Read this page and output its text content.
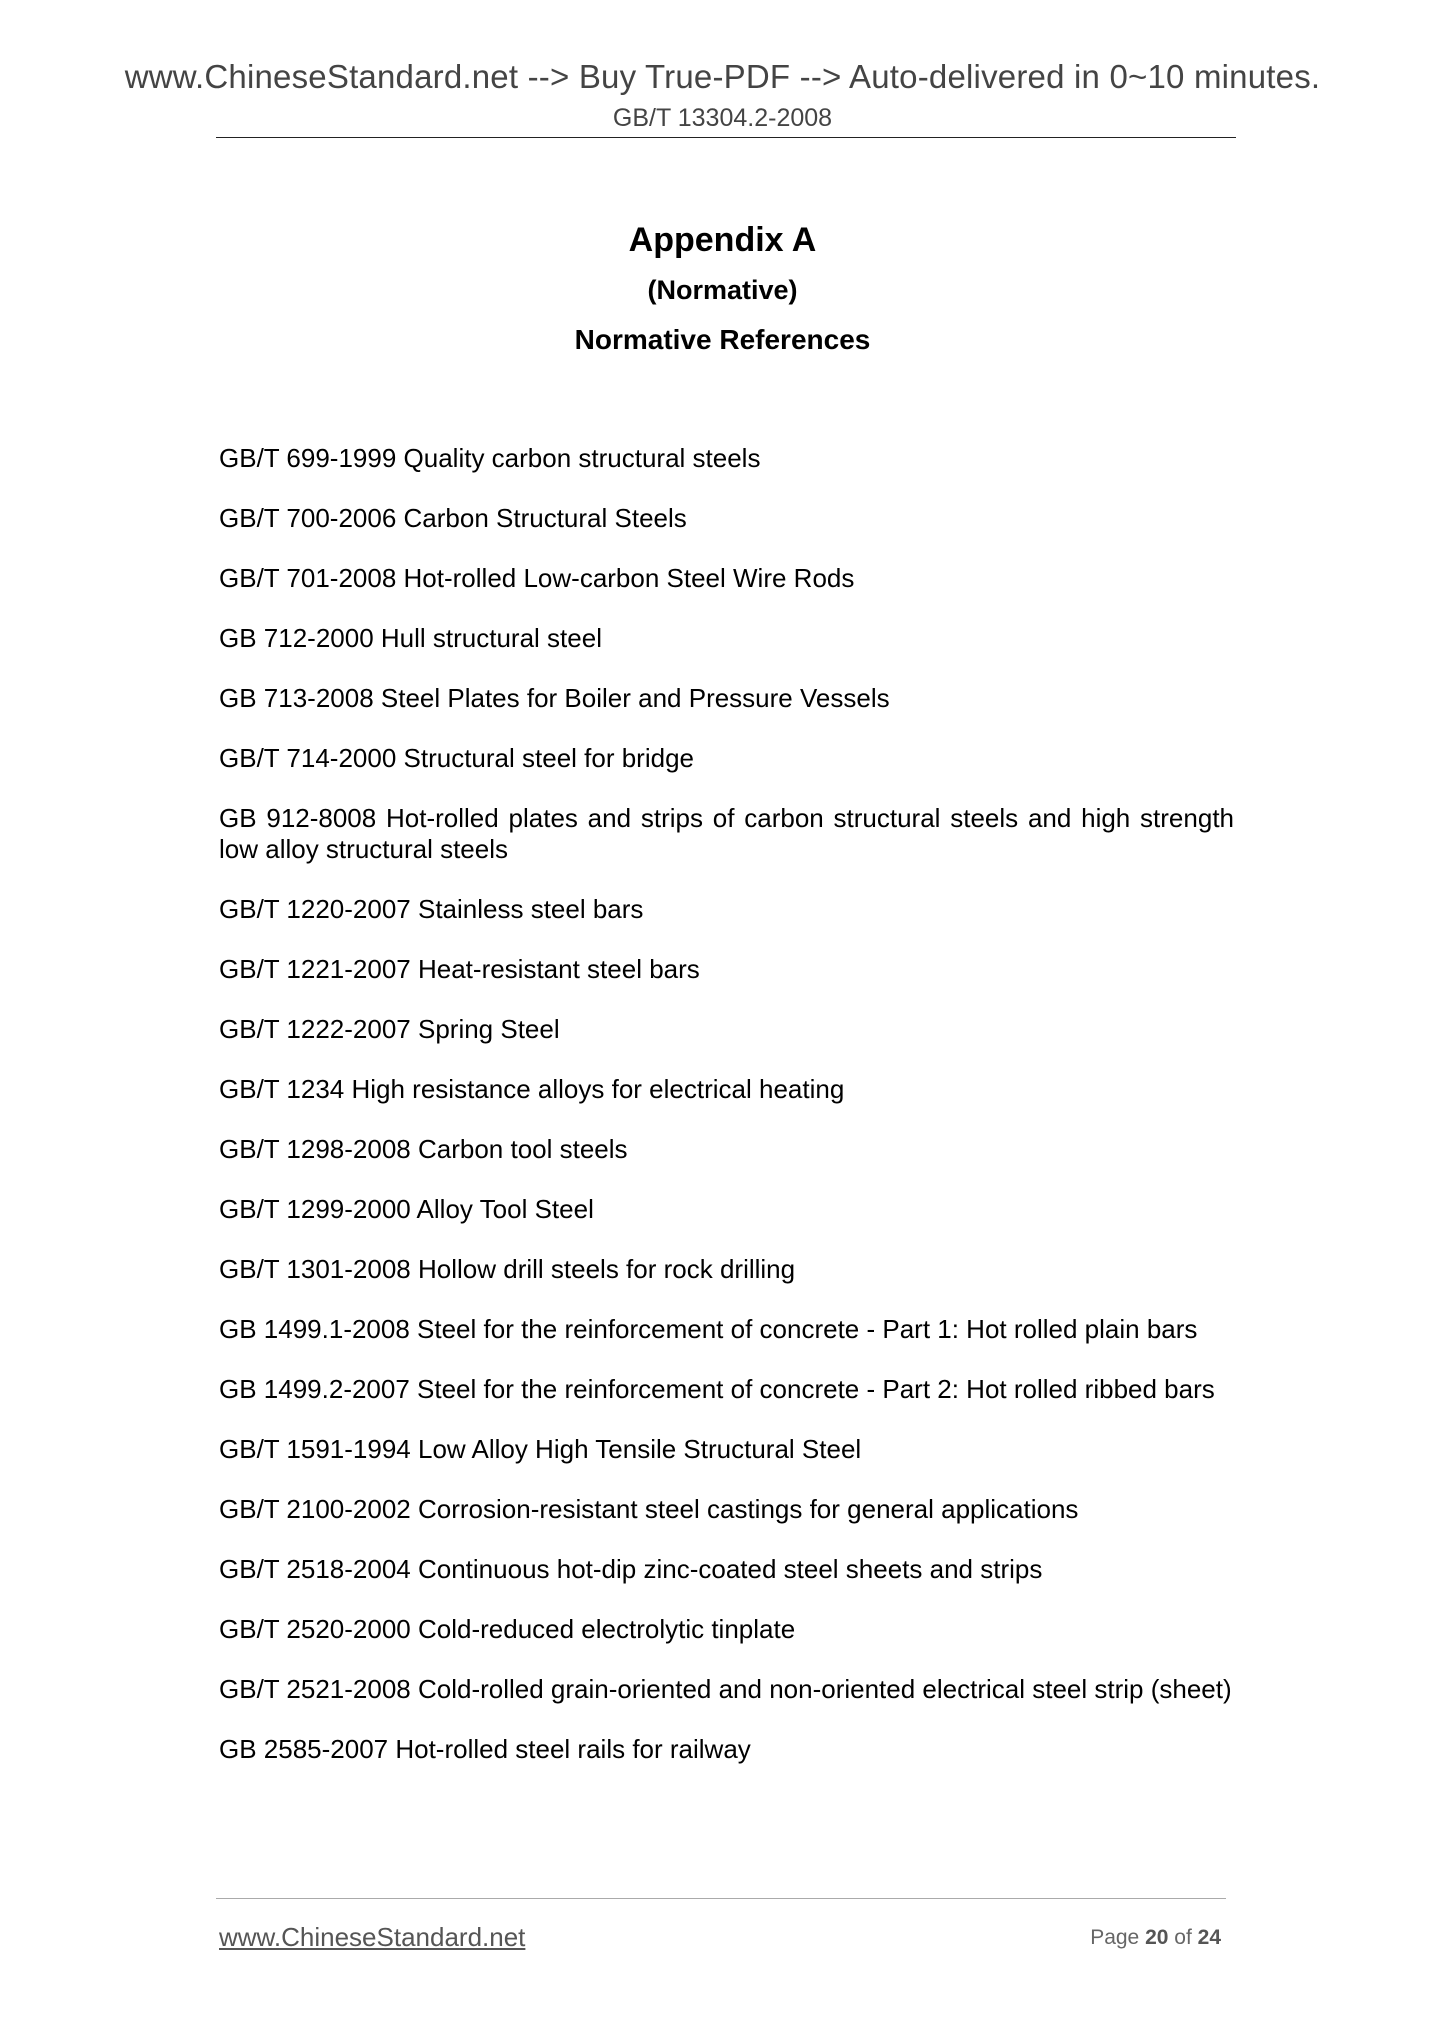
www.ChineseStandard.net --> Buy True-PDF --> Auto-delivered in 0~10 minutes.
GB/T 13304.2-2008
Appendix A
(Normative)
Normative References
GB/T 699-1999 Quality carbon structural steels
GB/T 700-2006 Carbon Structural Steels
GB/T 701-2008 Hot-rolled Low-carbon Steel Wire Rods
GB 712-2000 Hull structural steel
GB 713-2008 Steel Plates for Boiler and Pressure Vessels
GB/T 714-2000 Structural steel for bridge
GB 912-8008 Hot-rolled plates and strips of carbon structural steels and high strength low alloy structural steels
GB/T 1220-2007 Stainless steel bars
GB/T 1221-2007 Heat-resistant steel bars
GB/T 1222-2007 Spring Steel
GB/T 1234 High resistance alloys for electrical heating
GB/T 1298-2008 Carbon tool steels
GB/T 1299-2000 Alloy Tool Steel
GB/T 1301-2008 Hollow drill steels for rock drilling
GB 1499.1-2008 Steel for the reinforcement of concrete - Part 1: Hot rolled plain bars
GB 1499.2-2007 Steel for the reinforcement of concrete - Part 2: Hot rolled ribbed bars
GB/T 1591-1994 Low Alloy High Tensile Structural Steel
GB/T 2100-2002 Corrosion-resistant steel castings for general applications
GB/T 2518-2004 Continuous hot-dip zinc-coated steel sheets and strips
GB/T 2520-2000 Cold-reduced electrolytic tinplate
GB/T 2521-2008 Cold-rolled grain-oriented and non-oriented electrical steel strip (sheet)
GB 2585-2007 Hot-rolled steel rails for railway
www.ChineseStandard.net	Page 20 of 24
